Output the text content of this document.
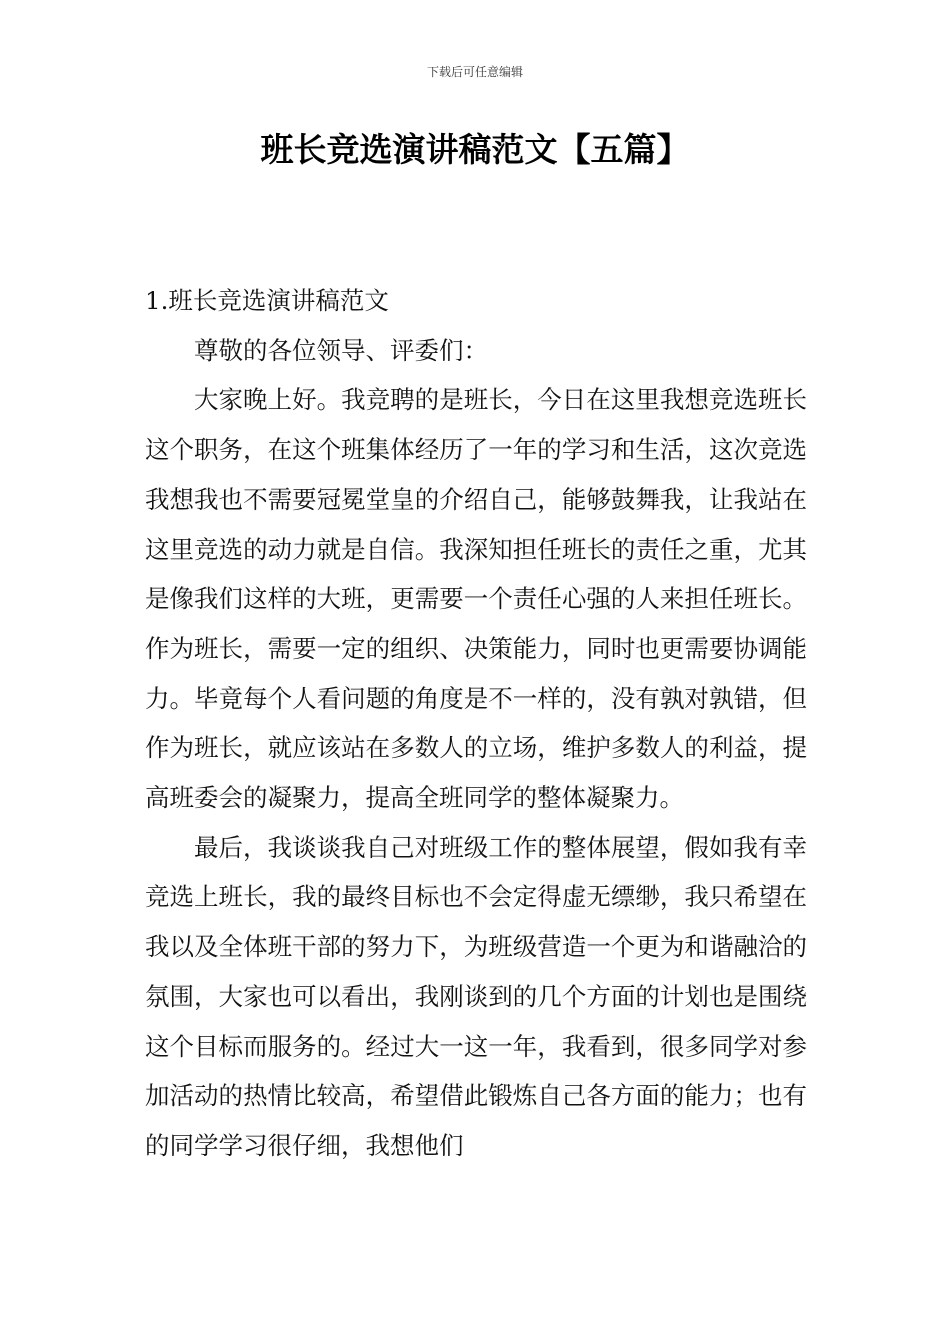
下载后可任意编辑
班长竞选演讲稿范文【五篇】

1.班长竞选演讲稿范文

尊敬的各位领导、评委们：

大家晚上好。我竞聘的是班长，今日在这里我想竞选班长这个职务，在这个班集体经历了一年的学习和生活，这次竞选我想我也不需要冠冕堂皇的介绍自己，能够鼓舞我，让我站在这里竞选的动力就是自信。我深知担任班长的责任之重，尤其是像我们这样的大班，更需要一个责任心强的人来担任班长。作为班长，需要一定的组织、决策能力，同时也更需要协调能力。毕竟每个人看问题的角度是不一样的，没有孰对孰错，但作为班长，就应该站在多数人的立场，维护多数人的利益，提高班委会的凝聚力，提高全班同学的整体凝聚力。

最后，我谈谈我自己对班级工作的整体展望，假如我有幸竞选上班长，我的最终目标也不会定得虚无缥缈，我只希望在我以及全体班干部的努力下，为班级营造一个更为和谐融洽的氛围，大家也可以看出，我刚谈到的几个方面的计划也是围绕这个目标而服务的。经过大一这一年，我看到，很多同学对参加活动的热情比较高，希望借此锻炼自己各方面的能力；也有的同学学习很仔细，我想他们
